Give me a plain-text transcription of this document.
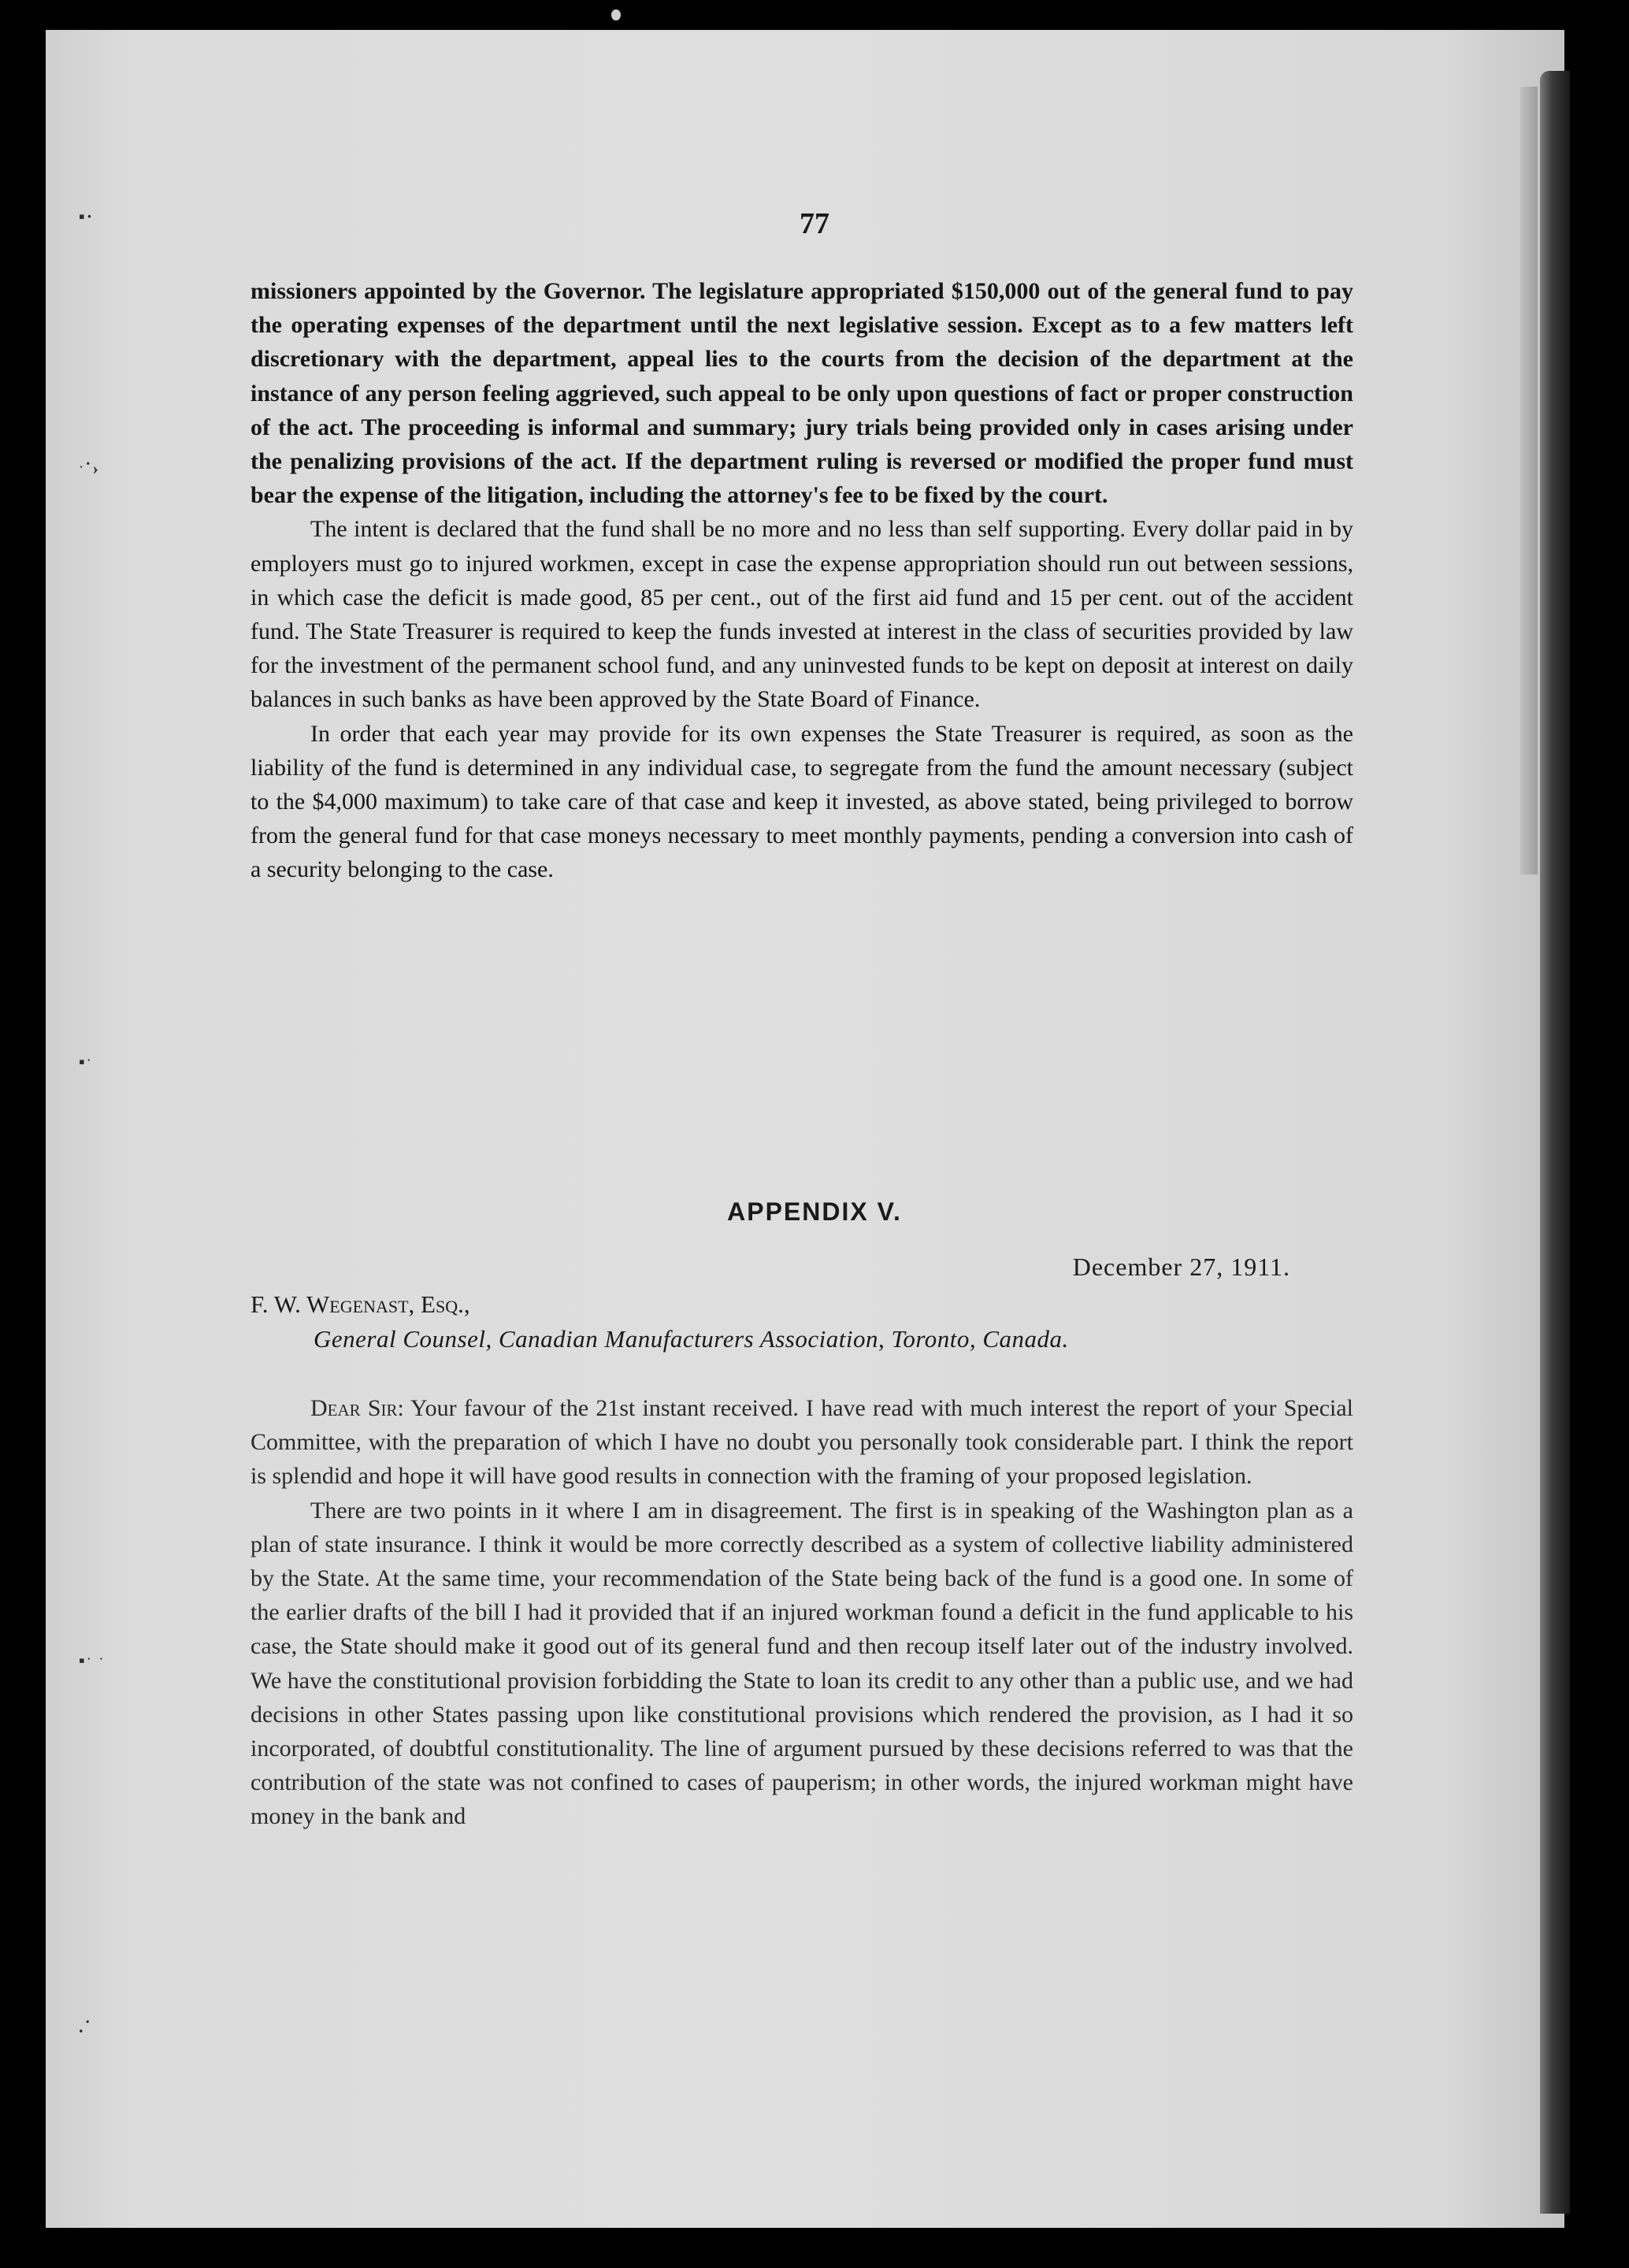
▪·
ˑ˙›
▪ˑ
▪ˑ ˑ
.˙
77

missioners appointed by the Governor. The legislature appropriated $150,000 out of the general fund to pay the operating expenses of the department until the next legislative session. Except as to a few matters left discretionary with the department, appeal lies to the courts from the decision of the department at the instance of any person feeling aggrieved, such appeal to be only upon questions of fact or proper construction of the act. The proceeding is informal and summary; jury trials being provided only in cases arising under the penalizing provisions of the act. If the department ruling is reversed or modified the proper fund must bear the expense of the litigation, including the attorney's fee to be fixed by the court.

The intent is declared that the fund shall be no more and no less than self supporting. Every dollar paid in by employers must go to injured workmen, except in case the expense appropriation should run out between sessions, in which case the deficit is made good, 85 per cent., out of the first aid fund and 15 per cent. out of the accident fund. The State Treasurer is required to keep the funds invested at interest in the class of securities provided by law for the investment of the permanent school fund, and any uninvested funds to be kept on deposit at interest on daily balances in such banks as have been approved by the State Board of Finance.

In order that each year may provide for its own expenses the State Treasurer is required, as soon as the liability of the fund is determined in any individual case, to segregate from the fund the amount necessary (subject to the $4,000 maximum) to take care of that case and keep it invested, as above stated, being privileged to borrow from the general fund for that case moneys necessary to meet monthly payments, pending a conversion into cash of a security belonging to the case.

APPENDIX V.
December 27, 1911.
F. W. Wegenast, Esq.,
General Counsel, Canadian Manufacturers Association, Toronto, Canada.

Dear Sir: Your favour of the 21st instant received. I have read with much interest the report of your Special Committee, with the preparation of which I have no doubt you personally took considerable part. I think the report is splendid and hope it will have good results in connection with the framing of your proposed legislation.

There are two points in it where I am in disagreement. The first is in speaking of the Washington plan as a plan of state insurance. I think it would be more correctly described as a system of collective liability administered by the State. At the same time, your recommendation of the State being back of the fund is a good one. In some of the earlier drafts of the bill I had it provided that if an injured workman found a deficit in the fund applicable to his case, the State should make it good out of its general fund and then recoup itself later out of the industry involved. We have the constitutional provision forbidding the State to loan its credit to any other than a public use, and we had decisions in other States passing upon like constitutional provisions which rendered the provision, as I had it so incorporated, of doubtful constitutionality. The line of argument pursued by these decisions referred to was that the contribution of the state was not confined to cases of pauperism; in other words, the injured workman might have money in the bank and
